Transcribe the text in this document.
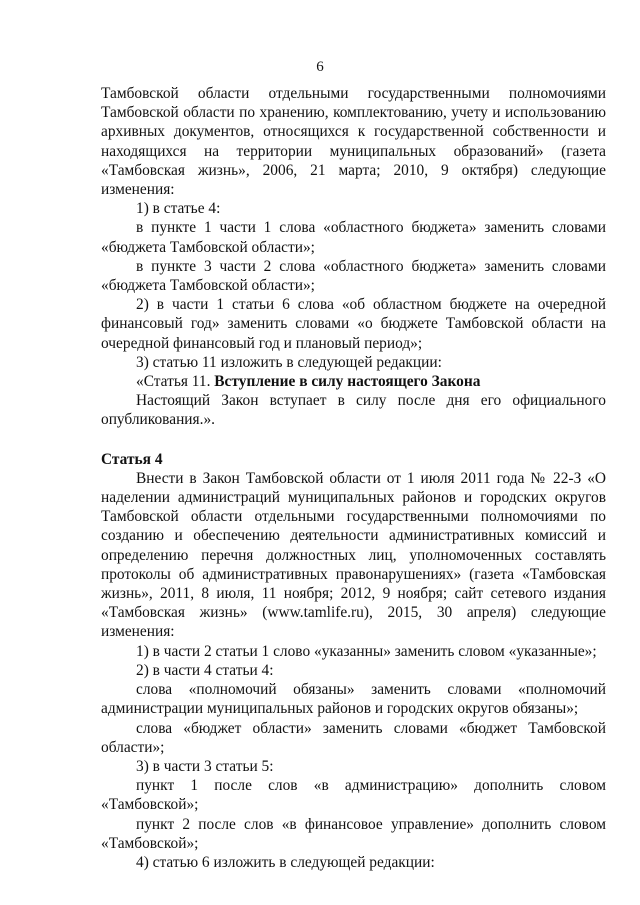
6

Тамбовской области отдельными государственными полномочиями

Тамбовской области по хранению, комплектованию, учету и использованию

архивных документов, относящихся к государственной собственности и

находящихся на территории муниципальных образований» (газета

«Тамбовская жизнь», 2006, 21 марта; 2010, 9 октября) следующие

изменения:

1) в статье 4:

в пункте 1 части 1 слова «областного бюджета» заменить словами

«бюджета Тамбовской области»;

в пункте 3 части 2 слова «областного бюджета» заменить словами

«бюджета Тамбовской области»;

2) в части 1 статьи 6 слова «об областном бюджете на очередной

финансовый год» заменить словами «о бюджете Тамбовской области на

очередной финансовый год и плановый период»;

3) статью 11 изложить в следующей редакции:

«Статья 11. Вступление в силу настоящего Закона

Настоящий Закон вступает в силу после дня его официального

опубликования.».

Статья 4

Внести в Закон Тамбовской области от 1 июля 2011 года № 22-З «О

наделении администраций муниципальных районов и городских округов

Тамбовской области отдельными государственными полномочиями по

созданию и обеспечению деятельности административных комиссий и

определению перечня должностных лиц, уполномоченных составлять

протоколы об административных правонарушениях» (газета «Тамбовская

жизнь», 2011, 8 июля, 11 ноября; 2012, 9 ноября; сайт сетевого издания

«Тамбовская жизнь» (www.tamlife.ru), 2015, 30 апреля) следующие

изменения:

1) в части 2 статьи 1 слово «указанны» заменить словом «указанные»;

2) в части 4 статьи 4:

слова «полномочий обязаны» заменить словами «полномочий

администрации муниципальных районов и городских округов обязаны»;

слова «бюджет области» заменить словами «бюджет Тамбовской

области»;

3) в части 3 статьи 5:

пункт 1 после слов «в администрацию» дополнить словом

«Тамбовской»;

пункт 2 после слов «в финансовое управление» дополнить словом

«Тамбовской»;

4) статью 6 изложить в следующей редакции:
